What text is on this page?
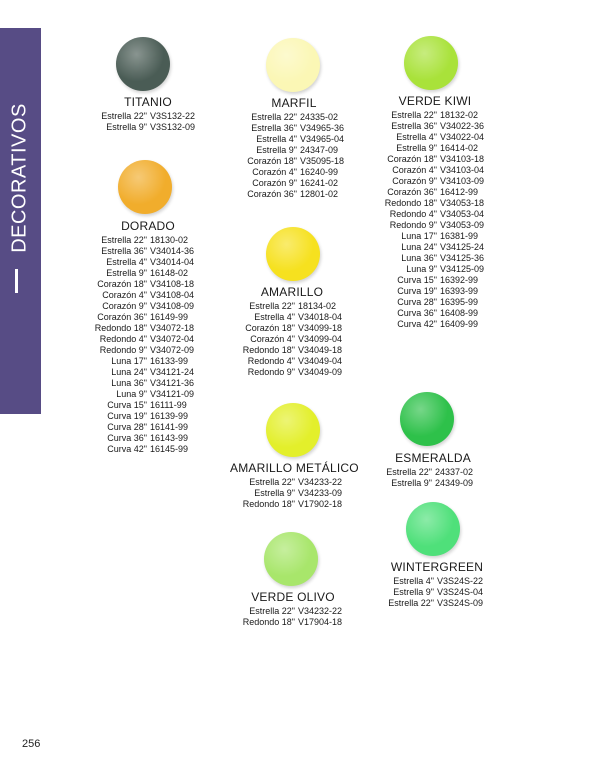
DECORATIVOS
256
TITANIO
Estrella 22" V3S132-22
Estrella 9" V3S132-09
MARFIL
Estrella 22" 24335-02
Estrella 36" V34965-36
Estrella 4" V34965-04
Estrella 9" 24347-09
Corazón 18" V35095-18
Corazón 4" 16240-99
Corazón 9" 16241-02
Corazón 36" 12801-02
VERDE KIWI
Estrella 22" 18132-02
Estrella 36" V34022-36
Estrella 4" V34022-04
Estrella 9" 16414-02
Corazón 18" V34103-18
Corazón 4" V34103-04
Corazón 9" V34103-09
Corazón 36" 16412-99
Redondo 18" V34053-18
Redondo 4" V34053-04
Redondo 9" V34053-09
Luna 17" 16381-99
Luna 24" V34125-24
Luna 36" V34125-36
Luna 9" V34125-09
Curva 15" 16392-99
Curva 19" 16393-99
Curva 28" 16395-99
Curva 36" 16408-99
Curva 42" 16409-99
DORADO
Estrella 22" 18130-02
Estrella 36" V34014-36
Estrella 4" V34014-04
Estrella 9" 16148-02
Corazón 18" V34108-18
Corazón 4" V34108-04
Corazón 9" V34108-09
Corazón 36" 16149-99
Redondo 18" V34072-18
Redondo 4" V34072-04
Redondo 9" V34072-09
Luna 17" 16133-99
Luna 24" V34121-24
Luna 36" V34121-36
Luna 9" V34121-09
Curva 15" 16111-99
Curva 19" 16139-99
Curva 28" 16141-99
Curva 36" 16143-99
Curva 42" 16145-99
AMARILLO
Estrella 22" 18134-02
Estrella 4" V34018-04
Corazón 18" V34099-18
Corazón 4" V34099-04
Redondo 18" V34049-18
Redondo 4" V34049-04
Redondo 9" V34049-09
ESMERALDA
Estrella 22" 24337-02
Estrella 9" 24349-09
AMARILLO METÁLICO
Estrella 22" V34233-22
Estrella 9" V34233-09
Redondo 18" V17902-18
WINTERGREEN
Estrella 4" V3S24S-22
Estrella 9" V3S24S-04
Estrella 22" V3S24S-09
VERDE OLIVO
Estrella 22" V34232-22
Redondo 18" V17904-18
